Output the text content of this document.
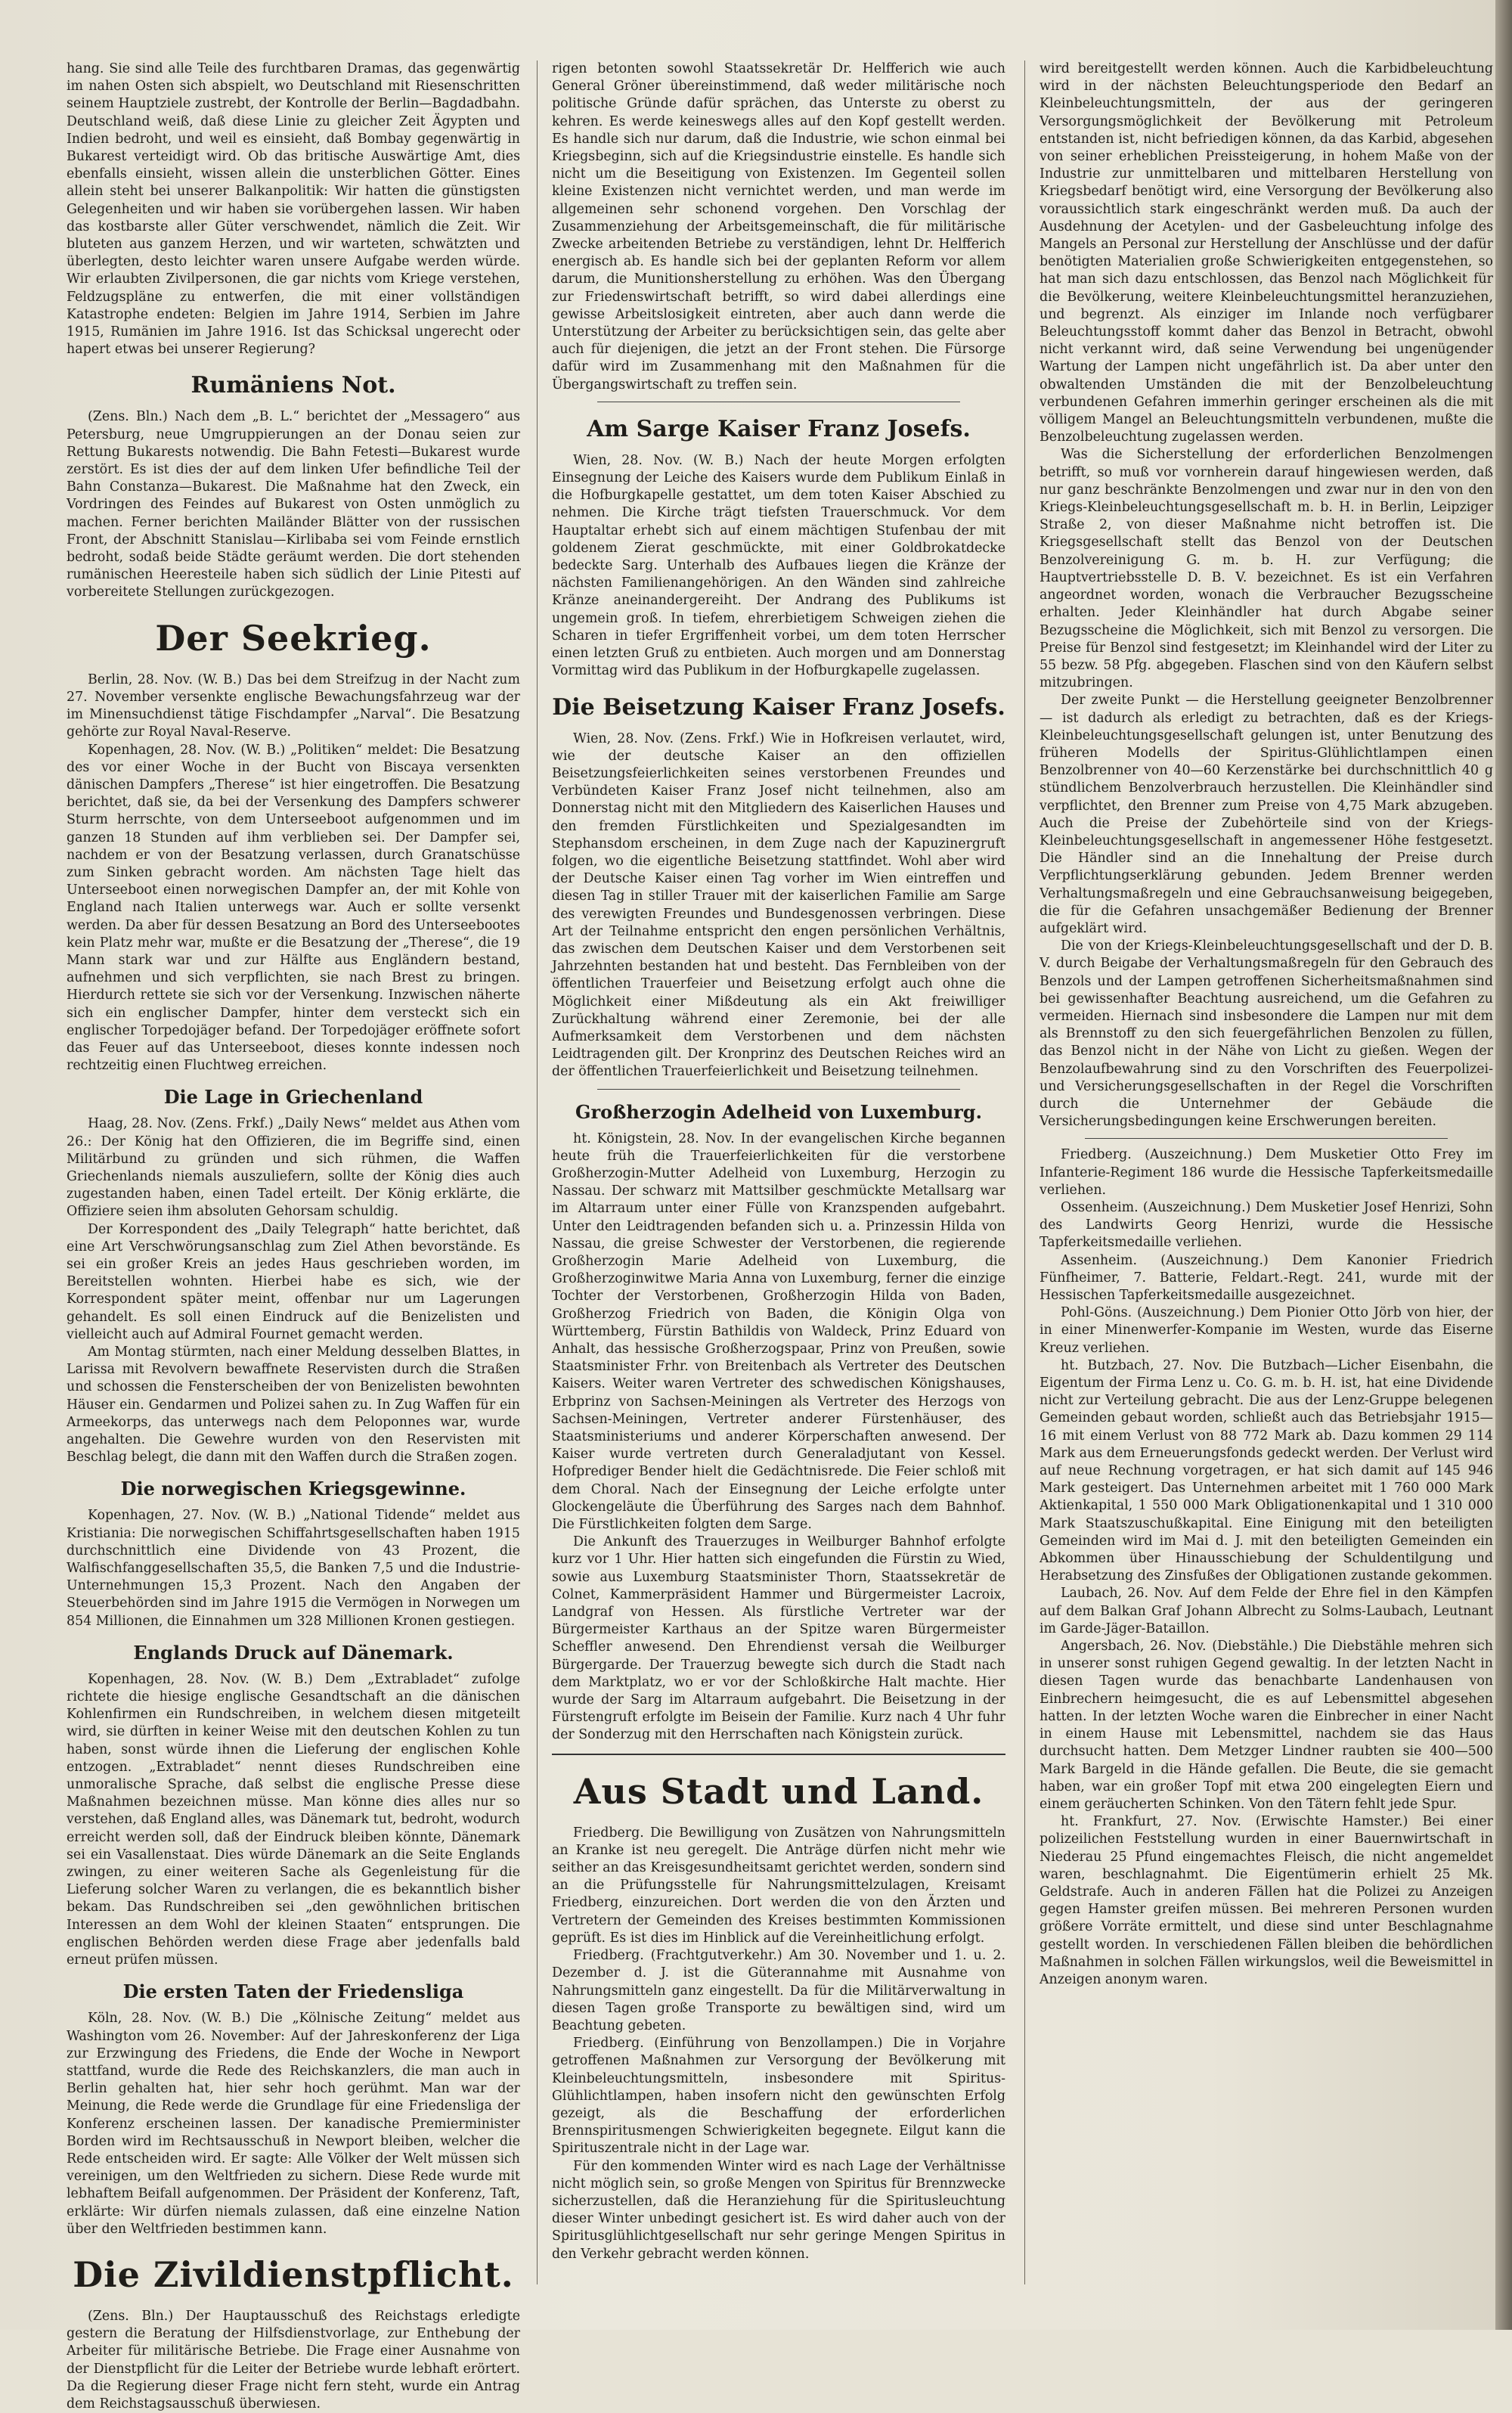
hang. Sie sind alle Teile des furchtbaren Dramas, das gegenwärtig im nahen Osten sich abspielt, wo Deutschland mit Riesenschritten seinem Hauptziele zustrebt, der Kontrolle der Berlin—Bagdadbahn. Deutschland weiß, daß diese Linie zu gleicher Zeit Ägypten und Indien bedroht, und weil es einsieht, daß Bombay gegenwärtig in Bukarest verteidigt wird. Ob das britische Auswärtige Amt, dies ebenfalls einsieht, wissen allein die unsterblichen Götter. Eines allein steht bei unserer Balkanpolitik: Wir hatten die günstigsten Gelegenheiten und wir haben sie vorübergehen lassen. Wir haben das kostbarste aller Güter verschwendet, nämlich die Zeit. Wir bluteten aus ganzem Herzen, und wir warteten, schwätzten und überlegten, desto leichter waren unsere Aufgabe werden würde. Wir erlaubten Zivilpersonen, die gar nichts vom Kriege verstehen, Feldzugspläne zu entwerfen, die mit einer vollständigen Katastrophe endeten: Belgien im Jahre 1914, Serbien im Jahre 1915, Rumänien im Jahre 1916. Ist das Schicksal ungerecht oder hapert etwas bei unserer Regierung?

Rumäniens Not.

(Zens. Bln.) Nach dem „B. L.“ berichtet der „Messagero“ aus Petersburg, neue Umgruppierungen an der Donau seien zur Rettung Bukarests notwendig. Die Bahn Fetesti—Bukarest wurde zerstört. Es ist dies der auf dem linken Ufer befindliche Teil der Bahn Constanza—Bukarest. Die Maßnahme hat den Zweck, ein Vordringen des Feindes auf Bukarest von Osten unmöglich zu machen. Ferner berichten Mailänder Blätter von der russischen Front, der Abschnitt Stanislau—Kirlibaba sei vom Feinde ernstlich bedroht, sodaß beide Städte geräumt werden. Die dort stehenden rumänischen Heeresteile haben sich südlich der Linie Pitesti auf vorbereitete Stellungen zurückgezogen.

Der Seekrieg.

Berlin, 28. Nov. (W. B.) Das bei dem Streifzug in der Nacht zum 27. November versenkte englische Bewachungsfahrzeug war der im Minensuchdienst tätige Fischdampfer „Narval“. Die Besatzung gehörte zur Royal Naval-Reserve.

Kopenhagen, 28. Nov. (W. B.) „Politiken“ meldet: Die Besatzung des vor einer Woche in der Bucht von Biscaya versenkten dänischen Dampfers „Therese“ ist hier eingetroffen. Die Besatzung berichtet, daß sie, da bei der Versenkung des Dampfers schwerer Sturm herrschte, von dem Unterseeboot aufgenommen und im ganzen 18 Stunden auf ihm verblieben sei. Der Dampfer sei, nachdem er von der Besatzung verlassen, durch Granatschüsse zum Sinken gebracht worden. Am nächsten Tage hielt das Unterseeboot einen norwegischen Dampfer an, der mit Kohle von England nach Italien unterwegs war. Auch er sollte versenkt werden. Da aber für dessen Besatzung an Bord des Unterseebootes kein Platz mehr war, mußte er die Besatzung der „Therese“, die 19 Mann stark war und zur Hälfte aus Engländern bestand, aufnehmen und sich verpflichten, sie nach Brest zu bringen. Hierdurch rettete sie sich vor der Versenkung. Inzwischen näherte sich ein englischer Dampfer, hinter dem versteckt sich ein englischer Torpedojäger befand. Der Torpedojäger eröffnete sofort das Feuer auf das Unterseeboot, dieses konnte indessen noch rechtzeitig einen Fluchtweg erreichen.

Die Lage in Griechenland

Haag, 28. Nov. (Zens. Frkf.) „Daily News“ meldet aus Athen vom 26.: Der König hat den Offizieren, die im Begriffe sind, einen Militärbund zu gründen und sich rühmen, die Waffen Griechenlands niemals auszuliefern, sollte der König dies auch zugestanden haben, einen Tadel erteilt. Der König erklärte, die Offiziere seien ihm absoluten Gehorsam schuldig.

Der Korrespondent des „Daily Telegraph“ hatte berichtet, daß eine Art Verschwörungsanschlag zum Ziel Athen bevorstände. Es sei ein großer Kreis an jedes Haus geschrieben worden, im Bereitstellen wohnten. Hierbei habe es sich, wie der Korrespondent später meint, offenbar nur um Lagerungen gehandelt. Es soll einen Eindruck auf die Benizelisten und vielleicht auch auf Admiral Fournet gemacht werden.

Am Montag stürmten, nach einer Meldung desselben Blattes, in Larissa mit Revolvern bewaffnete Reservisten durch die Straßen und schossen die Fensterscheiben der von Benizelisten bewohnten Häuser ein. Gendarmen und Polizei sahen zu. In Zug Waffen für ein Armeekorps, das unterwegs nach dem Peloponnes war, wurde angehalten. Die Gewehre wurden von den Reservisten mit Beschlag belegt, die dann mit den Waffen durch die Straßen zogen.

Die norwegischen Kriegsgewinne.

Kopenhagen, 27. Nov. (W. B.) „National Tidende“ meldet aus Kristiania: Die norwegischen Schiffahrtsgesellschaften haben 1915 durchschnittlich eine Dividende von 43 Prozent, die Walfischfanggesellschaften 35,5, die Banken 7,5 und die Industrie-Unternehmungen 15,3 Prozent. Nach den Angaben der Steuerbehörden sind im Jahre 1915 die Vermögen in Norwegen um 854 Millionen, die Einnahmen um 328 Millionen Kronen gestiegen.

Englands Druck auf Dänemark.

Kopenhagen, 28. Nov. (W. B.) Dem „Extrabladet“ zufolge richtete die hiesige englische Gesandtschaft an die dänischen Kohlenfirmen ein Rundschreiben, in welchem diesen mitgeteilt wird, sie dürften in keiner Weise mit den deutschen Kohlen zu tun haben, sonst würde ihnen die Lieferung der englischen Kohle entzogen. „Extrabladet“ nennt dieses Rundschreiben eine unmoralische Sprache, daß selbst die englische Presse diese Maßnahmen bezeichnen müsse. Man könne dies alles nur so verstehen, daß England alles, was Dänemark tut, bedroht, wodurch erreicht werden soll, daß der Eindruck bleiben könnte, Dänemark sei ein Vasallenstaat. Dies würde Dänemark an die Seite Englands zwingen, zu einer weiteren Sache als Gegenleistung für die Lieferung solcher Waren zu verlangen, die es bekanntlich bisher bekam. Das Rundschreiben sei „den gewöhnlichen britischen Interessen an dem Wohl der kleinen Staaten“ entsprungen. Die englischen Behörden werden diese Frage aber jedenfalls bald erneut prüfen müssen.

Die ersten Taten der Friedensliga

Köln, 28. Nov. (W. B.) Die „Kölnische Zeitung“ meldet aus Washington vom 26. November: Auf der Jahreskonferenz der Liga zur Erzwingung des Friedens, die Ende der Woche in Newport stattfand, wurde die Rede des Reichskanzlers, die man auch in Berlin gehalten hat, hier sehr hoch gerühmt. Man war der Meinung, die Rede werde die Grundlage für eine Friedensliga der Konferenz erscheinen lassen. Der kanadische Premierminister Borden wird im Rechtsausschuß in Newport bleiben, welcher die Rede entscheiden wird. Er sagte: Alle Völker der Welt müssen sich vereinigen, um den Weltfrieden zu sichern. Diese Rede wurde mit lebhaftem Beifall aufgenommen. Der Präsident der Konferenz, Taft, erklärte: Wir dürfen niemals zulassen, daß eine einzelne Nation über den Weltfrieden bestimmen kann.

Die Zivildienstpflicht.

(Zens. Bln.) Der Hauptausschuß des Reichstags erledigte gestern die Beratung der Hilfsdienstvorlage, zur Enthebung der Arbeiter für militärische Betriebe. Die Frage einer Ausnahme von der Dienstpflicht für die Leiter der Betriebe wurde lebhaft erörtert. Da die Regierung dieser Frage nicht fern steht, wurde ein Antrag dem Reichstagsausschuß überwiesen.

rigen betonten sowohl Staatssekretär Dr. Helfferich wie auch General Gröner übereinstimmend, daß weder militärische noch politische Gründe dafür sprächen, das Unterste zu oberst zu kehren. Es werde keineswegs alles auf den Kopf gestellt werden. Es handle sich nur darum, daß die Industrie, wie schon einmal bei Kriegsbeginn, sich auf die Kriegsindustrie einstelle. Es handle sich nicht um die Beseitigung von Existenzen. Im Gegenteil sollen kleine Existenzen nicht vernichtet werden, und man werde im allgemeinen sehr schonend vorgehen. Den Vorschlag der Zusammenziehung der Arbeitsgemeinschaft, die für militärische Zwecke arbeitenden Betriebe zu verständigen, lehnt Dr. Helfferich energisch ab. Es handle sich bei der geplanten Reform vor allem darum, die Munitionsherstellung zu erhöhen. Was den Übergang zur Friedenswirtschaft betrifft, so wird dabei allerdings eine gewisse Arbeitslosigkeit eintreten, aber auch dann werde die Unterstützung der Arbeiter zu berücksichtigen sein, das gelte aber auch für diejenigen, die jetzt an der Front stehen. Die Fürsorge dafür wird im Zusammenhang mit den Maßnahmen für die Übergangswirtschaft zu treffen sein.

Am Sarge Kaiser Franz Josefs.

Wien, 28. Nov. (W. B.) Nach der heute Morgen erfolgten Einsegnung der Leiche des Kaisers wurde dem Publikum Einlaß in die Hofburgkapelle gestattet, um dem toten Kaiser Abschied zu nehmen. Die Kirche trägt tiefsten Trauerschmuck. Vor dem Hauptaltar erhebt sich auf einem mächtigen Stufenbau der mit goldenem Zierat geschmückte, mit einer Goldbrokatdecke bedeckte Sarg. Unterhalb des Aufbaues liegen die Kränze der nächsten Familienangehörigen. An den Wänden sind zahlreiche Kränze aneinandergereiht. Der Andrang des Publikums ist ungemein groß. In tiefem, ehrerbietigem Schweigen ziehen die Scharen in tiefer Ergriffenheit vorbei, um dem toten Herrscher einen letzten Gruß zu entbieten. Auch morgen und am Donnerstag Vormittag wird das Publikum in der Hofburgkapelle zugelassen.

Die Beisetzung Kaiser Franz Josefs.

Wien, 28. Nov. (Zens. Frkf.) Wie in Hofkreisen verlautet, wird, wie der deutsche Kaiser an den offiziellen Beisetzungsfeierlichkeiten seines verstorbenen Freundes und Verbündeten Kaiser Franz Josef nicht teilnehmen, also am Donnerstag nicht mit den Mitgliedern des Kaiserlichen Hauses und den fremden Fürstlichkeiten und Spezialgesandten im Stephansdom erscheinen, in dem Zuge nach der Kapuzinergruft folgen, wo die eigentliche Beisetzung stattfindet. Wohl aber wird der Deutsche Kaiser einen Tag vorher im Wien eintreffen und diesen Tag in stiller Trauer mit der kaiserlichen Familie am Sarge des verewigten Freundes und Bundesgenossen verbringen. Diese Art der Teilnahme entspricht den engen persönlichen Verhältnis, das zwischen dem Deutschen Kaiser und dem Verstorbenen seit Jahrzehnten bestanden hat und besteht. Das Fernbleiben von der öffentlichen Trauerfeier und Beisetzung erfolgt auch ohne die Möglichkeit einer Mißdeutung als ein Akt freiwilliger Zurückhaltung während einer Zeremonie, bei der alle Aufmerksamkeit dem Verstorbenen und dem nächsten Leidtragenden gilt. Der Kronprinz des Deutschen Reiches wird an der öffentlichen Trauerfeierlichkeit und Beisetzung teilnehmen.

Großherzogin Adelheid von Luxemburg.

ht. Königstein, 28. Nov. In der evangelischen Kirche begannen heute früh die Trauerfeierlichkeiten für die verstorbene Großherzogin-Mutter Adelheid von Luxemburg, Herzogin zu Nassau. Der schwarz mit Mattsilber geschmückte Metallsarg war im Altarraum unter einer Fülle von Kranzspenden aufgebahrt. Unter den Leidtragenden befanden sich u. a. Prinzessin Hilda von Nassau, die greise Schwester der Verstorbenen, die regierende Großherzogin Marie Adelheid von Luxemburg, die Großherzoginwitwe Maria Anna von Luxemburg, ferner die einzige Tochter der Verstorbenen, Großherzogin Hilda von Baden, Großherzog Friedrich von Baden, die Königin Olga von Württemberg, Fürstin Bathildis von Waldeck, Prinz Eduard von Anhalt, das hessische Großherzogspaar, Prinz von Preußen, sowie Staatsminister Frhr. von Breitenbach als Vertreter des Deutschen Kaisers. Weiter waren Vertreter des schwedischen Königshauses, Erbprinz von Sachsen-Meiningen als Vertreter des Herzogs von Sachsen-Meiningen, Vertreter anderer Fürstenhäuser, des Staatsministeriums und anderer Körperschaften anwesend. Der Kaiser wurde vertreten durch Generaladjutant von Kessel. Hofprediger Bender hielt die Gedächtnisrede. Die Feier schloß mit dem Choral. Nach der Einsegnung der Leiche erfolgte unter Glockengeläute die Überführung des Sarges nach dem Bahnhof. Die Fürstlichkeiten folgten dem Sarge.

Die Ankunft des Trauerzuges in Weilburger Bahnhof erfolgte kurz vor 1 Uhr. Hier hatten sich eingefunden die Fürstin zu Wied, sowie aus Luxemburg Staatsminister Thorn, Staatssekretär de Colnet, Kammerpräsident Hammer und Bürgermeister Lacroix, Landgraf von Hessen. Als fürstliche Vertreter war der Bürgermeister Karthaus an der Spitze waren Bürgermeister Scheffler anwesend. Den Ehrendienst versah die Weilburger Bürgergarde. Der Trauerzug bewegte sich durch die Stadt nach dem Marktplatz, wo er vor der Schloßkirche Halt machte. Hier wurde der Sarg im Altarraum aufgebahrt. Die Beisetzung in der Fürstengruft erfolgte im Beisein der Familie. Kurz nach 4 Uhr fuhr der Sonderzug mit den Herrschaften nach Königstein zurück.

Aus Stadt und Land.

Friedberg. Die Bewilligung von Zusätzen von Nahrungsmitteln an Kranke ist neu geregelt. Die Anträge dürfen nicht mehr wie seither an das Kreisgesundheitsamt gerichtet werden, sondern sind an die Prüfungsstelle für Nahrungsmittelzulagen, Kreisamt Friedberg, einzureichen. Dort werden die von den Ärzten und Vertretern der Gemeinden des Kreises bestimmten Kommissionen geprüft. Es ist dies im Hinblick auf die Vereinheitlichung erfolgt.

Friedberg. (Frachtgutverkehr.) Am 30. November und 1. u. 2. Dezember d. J. ist die Güterannahme mit Ausnahme von Nahrungsmitteln ganz eingestellt. Da für die Militärverwaltung in diesen Tagen große Transporte zu bewältigen sind, wird um Beachtung gebeten.

Friedberg. (Einführung von Benzollampen.) Die in Vorjahre getroffenen Maßnahmen zur Versorgung der Bevölkerung mit Kleinbeleuchtungsmitteln, insbesondere mit Spiritus-Glühlichtlampen, haben insofern nicht den gewünschten Erfolg gezeigt, als die Beschaffung der erforderlichen Brennspiritusmengen Schwierigkeiten begegnete. Eilgut kann die Spirituszentrale nicht in der Lage war.

Für den kommenden Winter wird es nach Lage der Verhältnisse nicht möglich sein, so große Mengen von Spiritus für Brennzwecke sicherzustellen, daß die Heranziehung für die Spiritusleuchtung dieser Winter unbedingt gesichert ist. Es wird daher auch von der Spiritusglühlichtgesellschaft nur sehr geringe Mengen Spiritus in den Verkehr gebracht werden können.

wird bereitgestellt werden können. Auch die Karbidbeleuchtung wird in der nächsten Beleuchtungsperiode den Bedarf an Kleinbeleuchtungsmitteln, der aus der geringeren Versorgungsmöglichkeit der Bevölkerung mit Petroleum entstanden ist, nicht befriedigen können, da das Karbid, abgesehen von seiner erheblichen Preissteigerung, in hohem Maße von der Industrie zur unmittelbaren und mittelbaren Herstellung von Kriegsbedarf benötigt wird, eine Versorgung der Bevölkerung also voraussichtlich stark eingeschränkt werden muß. Da auch der Ausdehnung der Acetylen- und der Gasbeleuchtung infolge des Mangels an Personal zur Herstellung der Anschlüsse und der dafür benötigten Materialien große Schwierigkeiten entgegenstehen, so hat man sich dazu entschlossen, das Benzol nach Möglichkeit für die Bevölkerung, weitere Kleinbeleuchtungsmittel heranzuziehen, und begrenzt. Als einziger im Inlande noch verfügbarer Beleuchtungsstoff kommt daher das Benzol in Betracht, obwohl nicht verkannt wird, daß seine Verwendung bei ungenügender Wartung der Lampen nicht ungefährlich ist. Da aber unter den obwaltenden Umständen die mit der Benzolbeleuchtung verbundenen Gefahren immerhin geringer erscheinen als die mit völligem Mangel an Beleuchtungsmitteln verbundenen, mußte die Benzolbeleuchtung zugelassen werden.

Was die Sicherstellung der erforderlichen Benzolmengen betrifft, so muß vor vornherein darauf hingewiesen werden, daß nur ganz beschränkte Benzolmengen und zwar nur in den von den Kriegs-Kleinbeleuchtungsgesellschaft m. b. H. in Berlin, Leipziger Straße 2, von dieser Maßnahme nicht betroffen ist. Die Kriegsgesellschaft stellt das Benzol von der Deutschen Benzolvereinigung G. m. b. H. zur Verfügung; die Hauptvertriebsstelle D. B. V. bezeichnet. Es ist ein Verfahren angeordnet worden, wonach die Verbraucher Bezugsscheine erhalten. Jeder Kleinhändler hat durch Abgabe seiner Bezugsscheine die Möglichkeit, sich mit Benzol zu versorgen. Die Preise für Benzol sind festgesetzt; im Kleinhandel wird der Liter zu 55 bezw. 58 Pfg. abgegeben. Flaschen sind von den Käufern selbst mitzubringen.

Der zweite Punkt — die Herstellung geeigneter Benzolbrenner — ist dadurch als erledigt zu betrachten, daß es der Kriegs-Kleinbeleuchtungsgesellschaft gelungen ist, unter Benutzung des früheren Modells der Spiritus-Glühlichtlampen einen Benzolbrenner von 40—60 Kerzenstärke bei durchschnittlich 40 g stündlichem Benzolverbrauch herzustellen. Die Kleinhändler sind verpflichtet, den Brenner zum Preise von 4,75 Mark abzugeben. Auch die Preise der Zubehörteile sind von der Kriegs-Kleinbeleuchtungsgesellschaft in angemessener Höhe festgesetzt. Die Händler sind an die Innehaltung der Preise durch Verpflichtungserklärung gebunden. Jedem Brenner werden Verhaltungsmaßregeln und eine Gebrauchsanweisung beigegeben, die für die Gefahren unsachgemäßer Bedienung der Brenner aufgeklärt wird.

Die von der Kriegs-Kleinbeleuchtungsgesellschaft und der D. B. V. durch Beigabe der Verhaltungsmaßregeln für den Gebrauch des Benzols und der Lampen getroffenen Sicherheitsmaßnahmen sind bei gewissenhafter Beachtung ausreichend, um die Gefahren zu vermeiden. Hiernach sind insbesondere die Lampen nur mit dem als Brennstoff zu den sich feuergefährlichen Benzolen zu füllen, das Benzol nicht in der Nähe von Licht zu gießen. Wegen der Benzolaufbewahrung sind zu den Vorschriften des Feuerpolizei- und Versicherungsgesellschaften in der Regel die Vorschriften durch die Unternehmer der Gebäude die Versicherungsbedingungen keine Erschwerungen bereiten.

Friedberg. (Auszeichnung.) Dem Musketier Otto Frey im Infanterie-Regiment 186 wurde die Hessische Tapferkeitsmedaille verliehen.

Ossenheim. (Auszeichnung.) Dem Musketier Josef Henrizi, Sohn des Landwirts Georg Henrizi, wurde die Hessische Tapferkeitsmedaille verliehen.

Assenheim. (Auszeichnung.) Dem Kanonier Friedrich Fünfheimer, 7. Batterie, Feldart.-Regt. 241, wurde mit der Hessischen Tapferkeitsmedaille ausgezeichnet.

Pohl-Göns. (Auszeichnung.) Dem Pionier Otto Jörb von hier, der in einer Minenwerfer-Kompanie im Westen, wurde das Eiserne Kreuz verliehen.

ht. Butzbach, 27. Nov. Die Butzbach—Licher Eisenbahn, die Eigentum der Firma Lenz u. Co. G. m. b. H. ist, hat eine Dividende nicht zur Verteilung gebracht. Die aus der Lenz-Gruppe belegenen Gemeinden gebaut worden, schließt auch das Betriebsjahr 1915—16 mit einem Verlust von 88 772 Mark ab. Dazu kommen 29 114 Mark aus dem Erneuerungsfonds gedeckt werden. Der Verlust wird auf neue Rechnung vorgetragen, er hat sich damit auf 145 946 Mark gesteigert. Das Unternehmen arbeitet mit 1 760 000 Mark Aktienkapital, 1 550 000 Mark Obligationenkapital und 1 310 000 Mark Staatszuschußkapital. Eine Einigung mit den beteiligten Gemeinden wird im Mai d. J. mit den beteiligten Gemeinden ein Abkommen über Hinausschiebung der Schuldentilgung und Herabsetzung des Zinsfußes der Obligationen zustande gekommen.

Laubach, 26. Nov. Auf dem Felde der Ehre fiel in den Kämpfen auf dem Balkan Graf Johann Albrecht zu Solms-Laubach, Leutnant im Garde-Jäger-Bataillon.

Angersbach, 26. Nov. (Diebstähle.) Die Diebstähle mehren sich in unserer sonst ruhigen Gegend gewaltig. In der letzten Nacht in diesen Tagen wurde das benachbarte Landenhausen von Einbrechern heimgesucht, die es auf Lebensmittel abgesehen hatten. In der letzten Woche waren die Einbrecher in einer Nacht in einem Hause mit Lebensmittel, nachdem sie das Haus durchsucht hatten. Dem Metzger Lindner raubten sie 400—500 Mark Bargeld in die Hände gefallen. Die Beute, die sie gemacht haben, war ein großer Topf mit etwa 200 eingelegten Eiern und einem geräucherten Schinken. Von den Tätern fehlt jede Spur.

ht. Frankfurt, 27. Nov. (Erwischte Hamster.) Bei einer polizeilichen Feststellung wurden in einer Bauernwirtschaft in Niederau 25 Pfund eingemachtes Fleisch, die nicht angemeldet waren, beschlagnahmt. Die Eigentümerin erhielt 25 Mk. Geldstrafe. Auch in anderen Fällen hat die Polizei zu Anzeigen gegen Hamster greifen müssen. Bei mehreren Personen wurden größere Vorräte ermittelt, und diese sind unter Beschlagnahme gestellt worden. In verschiedenen Fällen bleiben die behördlichen Maßnahmen in solchen Fällen wirkungslos, weil die Beweismittel in Anzeigen anonym waren.
